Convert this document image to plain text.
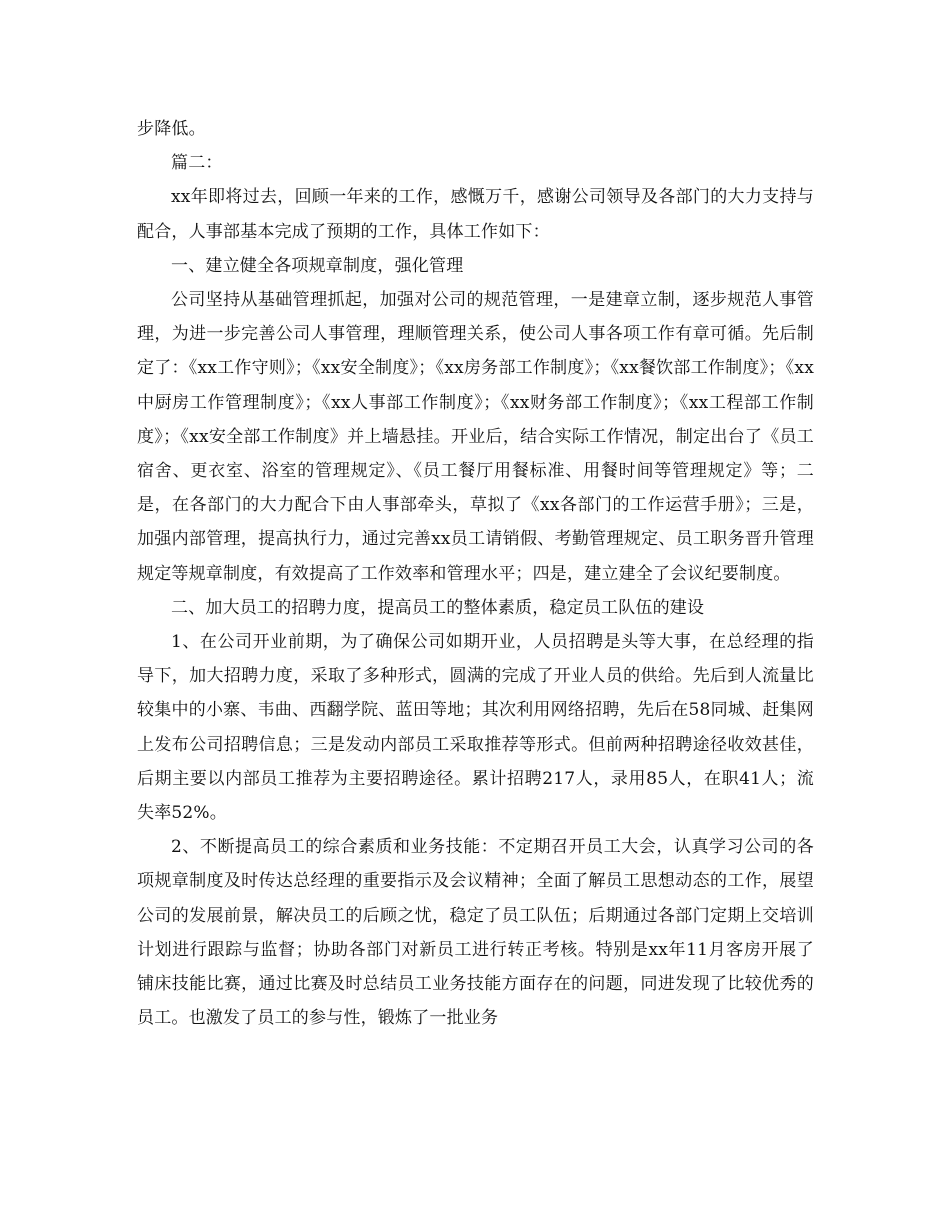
步降低。

篇二：

xx年即将过去，回顾一年来的工作，感慨万千，感谢公司领导及各部门的大力支持与配合，人事部基本完成了预期的工作，具体工作如下：

一、建立健全各项规章制度，强化管理

公司坚持从基础管理抓起，加强对公司的规范管理，一是建章立制，逐步规范人事管理，为进一步完善公司人事管理，理顺管理关系，使公司人事各项工作有章可循。先后制定了：《xx工作守则》；《xx安全制度》；《xx房务部工作制度》；《xx餐饮部工作制度》；《xx中厨房工作管理制度》；《xx人事部工作制度》；《xx财务部工作制度》；《xx工程部工作制度》；《xx安全部工作制度》并上墙悬挂。开业后，结合实际工作情况，制定出台了《员工宿舍、更衣室、浴室的管理规定》、《员工餐厅用餐标准、用餐时间等管理规定》等；二是，在各部门的大力配合下由人事部牵头，草拟了《xx各部门的工作运营手册》；三是，加强内部管理，提高执行力，通过完善xx员工请销假、考勤管理规定、员工职务晋升管理规定等规章制度，有效提高了工作效率和管理水平；四是，建立建全了会议纪要制度。

二、加大员工的招聘力度，提高员工的整体素质，稳定员工队伍的建设

1、在公司开业前期，为了确保公司如期开业，人员招聘是头等大事，在总经理的指导下，加大招聘力度，采取了多种形式，圆满的完成了开业人员的供给。先后到人流量比较集中的小寨、韦曲、西翻学院、蓝田等地；其次利用网络招聘，先后在58同城、赶集网上发布公司招聘信息；三是发动内部员工采取推荐等形式。但前两种招聘途径收效甚佳，后期主要以内部员工推荐为主要招聘途径。累计招聘217人，录用85人，在职41人；流失率52%。

2、不断提高员工的综合素质和业务技能：不定期召开员工大会，认真学习公司的各项规章制度及时传达总经理的重要指示及会议精神；全面了解员工思想动态的工作，展望公司的发展前景，解决员工的后顾之忧，稳定了员工队伍；后期通过各部门定期上交培训计划进行跟踪与监督；协助各部门对新员工进行转正考核。特别是xx年11月客房开展了铺床技能比赛，通过比赛及时总结员工业务技能方面存在的问题，同进发现了比较优秀的员工。也激发了员工的参与性，锻炼了一批业务
